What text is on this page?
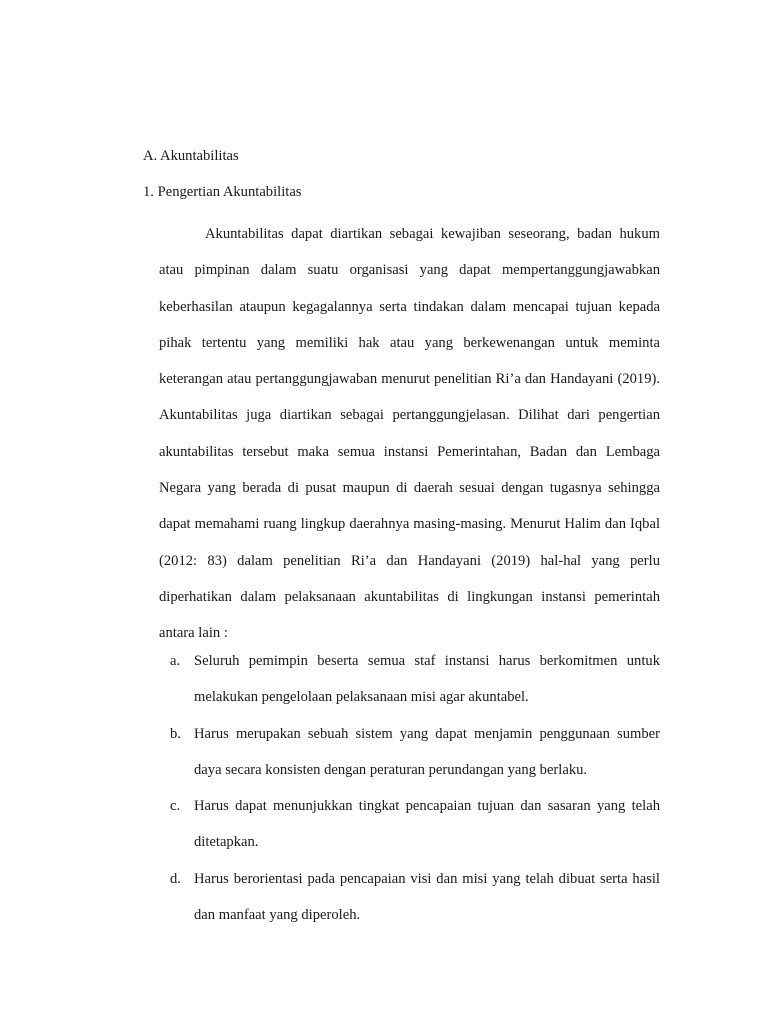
A. Akuntabilitas
1. Pengertian Akuntabilitas

Akuntabilitas dapat diartikan sebagai kewajiban seseorang, badan hukum atau pimpinan dalam suatu organisasi yang dapat mempertanggungjawabkan keberhasilan ataupun kegagalannya serta tindakan dalam mencapai tujuan kepada pihak tertentu yang memiliki hak atau yang berkewenangan untuk meminta keterangan atau pertanggungjawaban menurut penelitian Ri’a dan Handayani (2019). Akuntabilitas juga diartikan sebagai pertanggungjelasan. Dilihat dari pengertian akuntabilitas tersebut maka semua instansi Pemerintahan, Badan dan Lembaga Negara yang berada di pusat maupun di daerah sesuai dengan tugasnya sehingga dapat memahami ruang lingkup daerahnya masing-masing. Menurut Halim dan Iqbal (2012: 83) dalam penelitian Ri’a dan Handayani (2019) hal-hal yang perlu diperhatikan dalam pelaksanaan akuntabilitas di lingkungan instansi pemerintah antara lain :

a. Seluruh pemimpin beserta semua staf instansi harus berkomitmen untuk melakukan pengelolaan pelaksanaan misi agar akuntabel.
b. Harus merupakan sebuah sistem yang dapat menjamin penggunaan sumber daya secara konsisten dengan peraturan perundangan yang berlaku.
c. Harus dapat menunjukkan tingkat pencapaian tujuan dan sasaran yang telah ditetapkan.
d. Harus berorientasi pada pencapaian visi dan misi yang telah dibuat serta hasil dan manfaat yang diperoleh.
